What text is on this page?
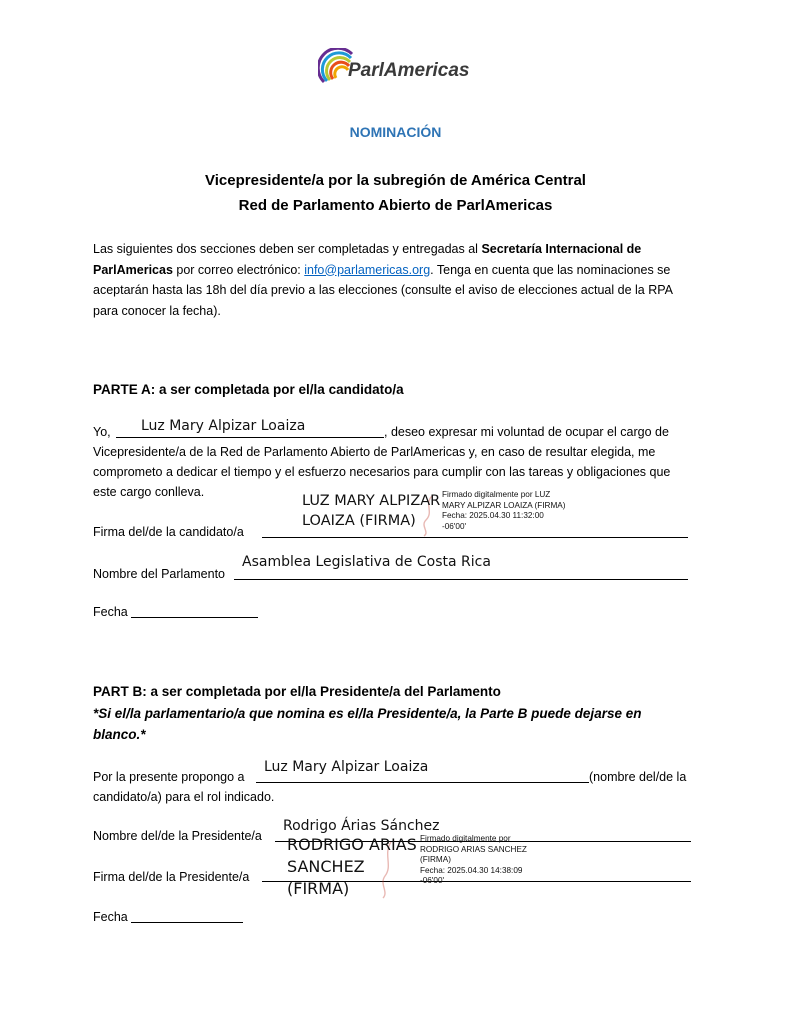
ParlAmericas
NOMINACIÓN
Vicepresidente/a por la subregión de América Central
Red de Parlamento Abierto de ParlAmericas
Las siguientes dos secciones deben ser completadas y entregadas al Secretaría Internacional de
ParlAmericas por correo electrónico: info@parlamericas.org. Tenga en cuenta que las nominaciones se
aceptarán hasta las 18h del día previo a las elecciones (consulte el aviso de elecciones actual de la RPA
para conocer la fecha).
PARTE A: a ser completada por el/la candidato/a
Yo, Luz Mary Alpizar Loaiza	, deseo expresar mi voluntad de ocupar el cargo de
Vicepresidente/a de la Red de Parlamento Abierto de ParlAmericas y, en caso de resultar elegida, me
comprometo a dedicar el tiempo y el esfuerzo necesarios para cumplir con las tareas y obligaciones que
este cargo conlleva.
Firma del/de la candidato/a
LUZ MARY ALPIZAR
LOAIZA (FIRMA)
Firmado digitalmente por LUZ
MARY ALPIZAR LOAIZA (FIRMA)
Fecha: 2025.04.30 11:32:00
-06'00'
Nombre del Parlamento
Asamblea Legislativa de Costa Rica
Fecha
PART B: a ser completada por el/la Presidente/a del Parlamento
*Si el/la parlamentario/a que nomina es el/la Presidente/a, la Parte B puede dejarse en
blanco.*
Por la presente propongo a
Luz Mary Alpizar Loaiza
(nombre del/de la
candidato/a) para el rol indicado.
Nombre del/de la Presidente/a
Rodrigo Árias Sánchez
Firma del/de la Presidente/a
RODRIGO ARIAS
SANCHEZ
(FIRMA)
Firmado digitalmente por
RODRIGO ARIAS SANCHEZ
(FIRMA)
Fecha: 2025.04.30 14:38:09
-06'00'
Fecha
